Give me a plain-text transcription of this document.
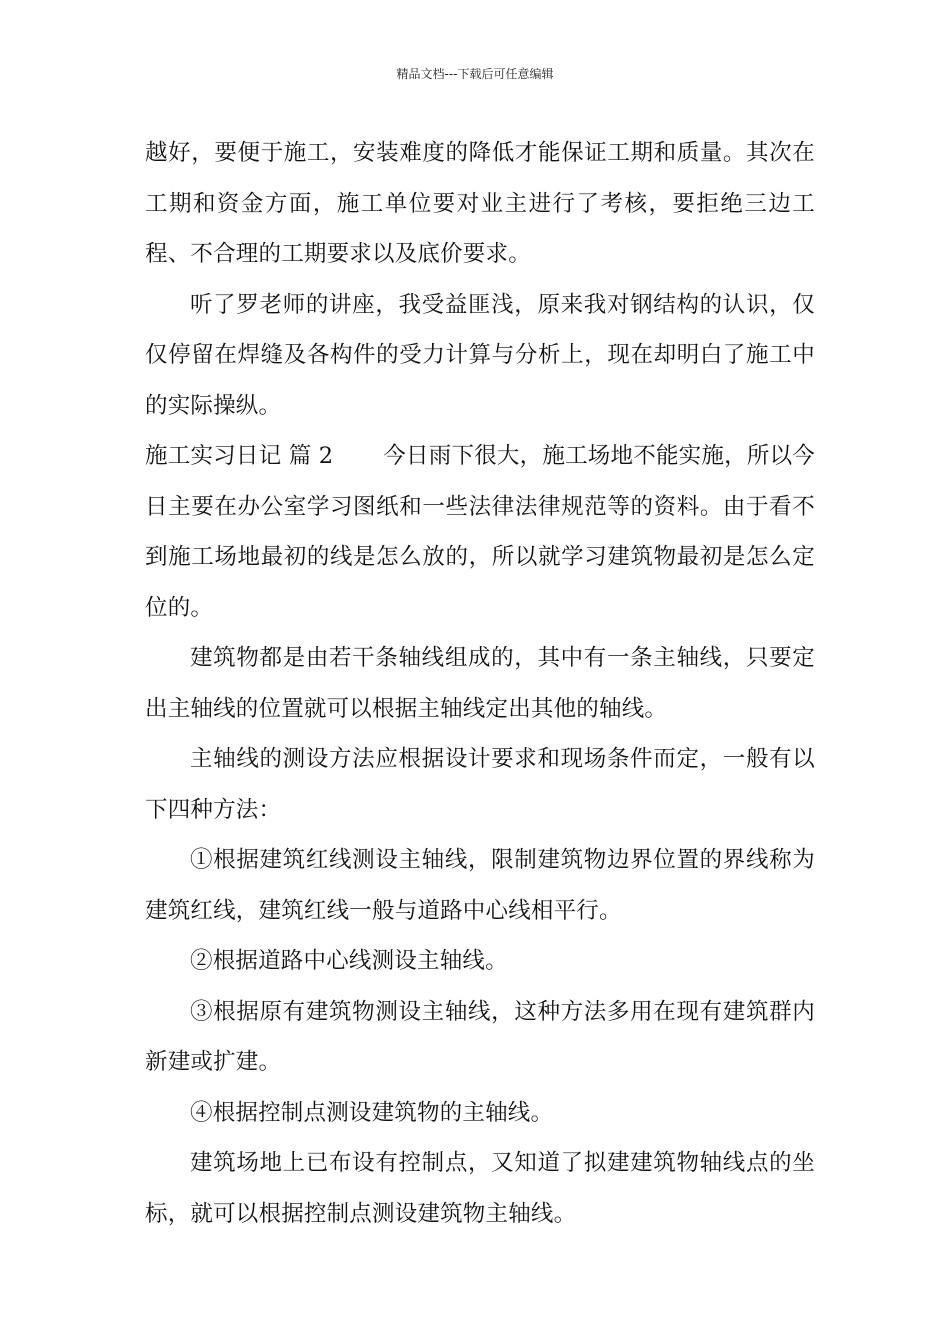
精品文档---下载后可任意编辑

越好，要便于施工，安装难度的降低才能保证工期和质量。其次在工期和资金方面，施工单位要对业主进行了考核，要拒绝三边工程、不合理的工期要求以及底价要求。

听了罗老师的讲座，我受益匪浅，原来我对钢结构的认识，仅仅停留在焊缝及各构件的受力计算与分析上，现在却明白了施工中的实际操纵。

施工实习日记 篇 2 今日雨下很大，施工场地不能实施，所以今日主要在办公室学习图纸和一些法律法律规范等的资料。由于看不到施工场地最初的线是怎么放的，所以就学习建筑物最初是怎么定位的。

建筑物都是由若干条轴线组成的，其中有一条主轴线，只要定出主轴线的位置就可以根据主轴线定出其他的轴线。

主轴线的测设方法应根据设计要求和现场条件而定，一般有以下四种方法：

①根据建筑红线测设主轴线，限制建筑物边界位置的界线称为建筑红线，建筑红线一般与道路中心线相平行。

②根据道路中心线测设主轴线。

③根据原有建筑物测设主轴线，这种方法多用在现有建筑群内新建或扩建。

④根据控制点测设建筑物的主轴线。

建筑场地上已布设有控制点，又知道了拟建建筑物轴线点的坐标，就可以根据控制点测设建筑物主轴线。
